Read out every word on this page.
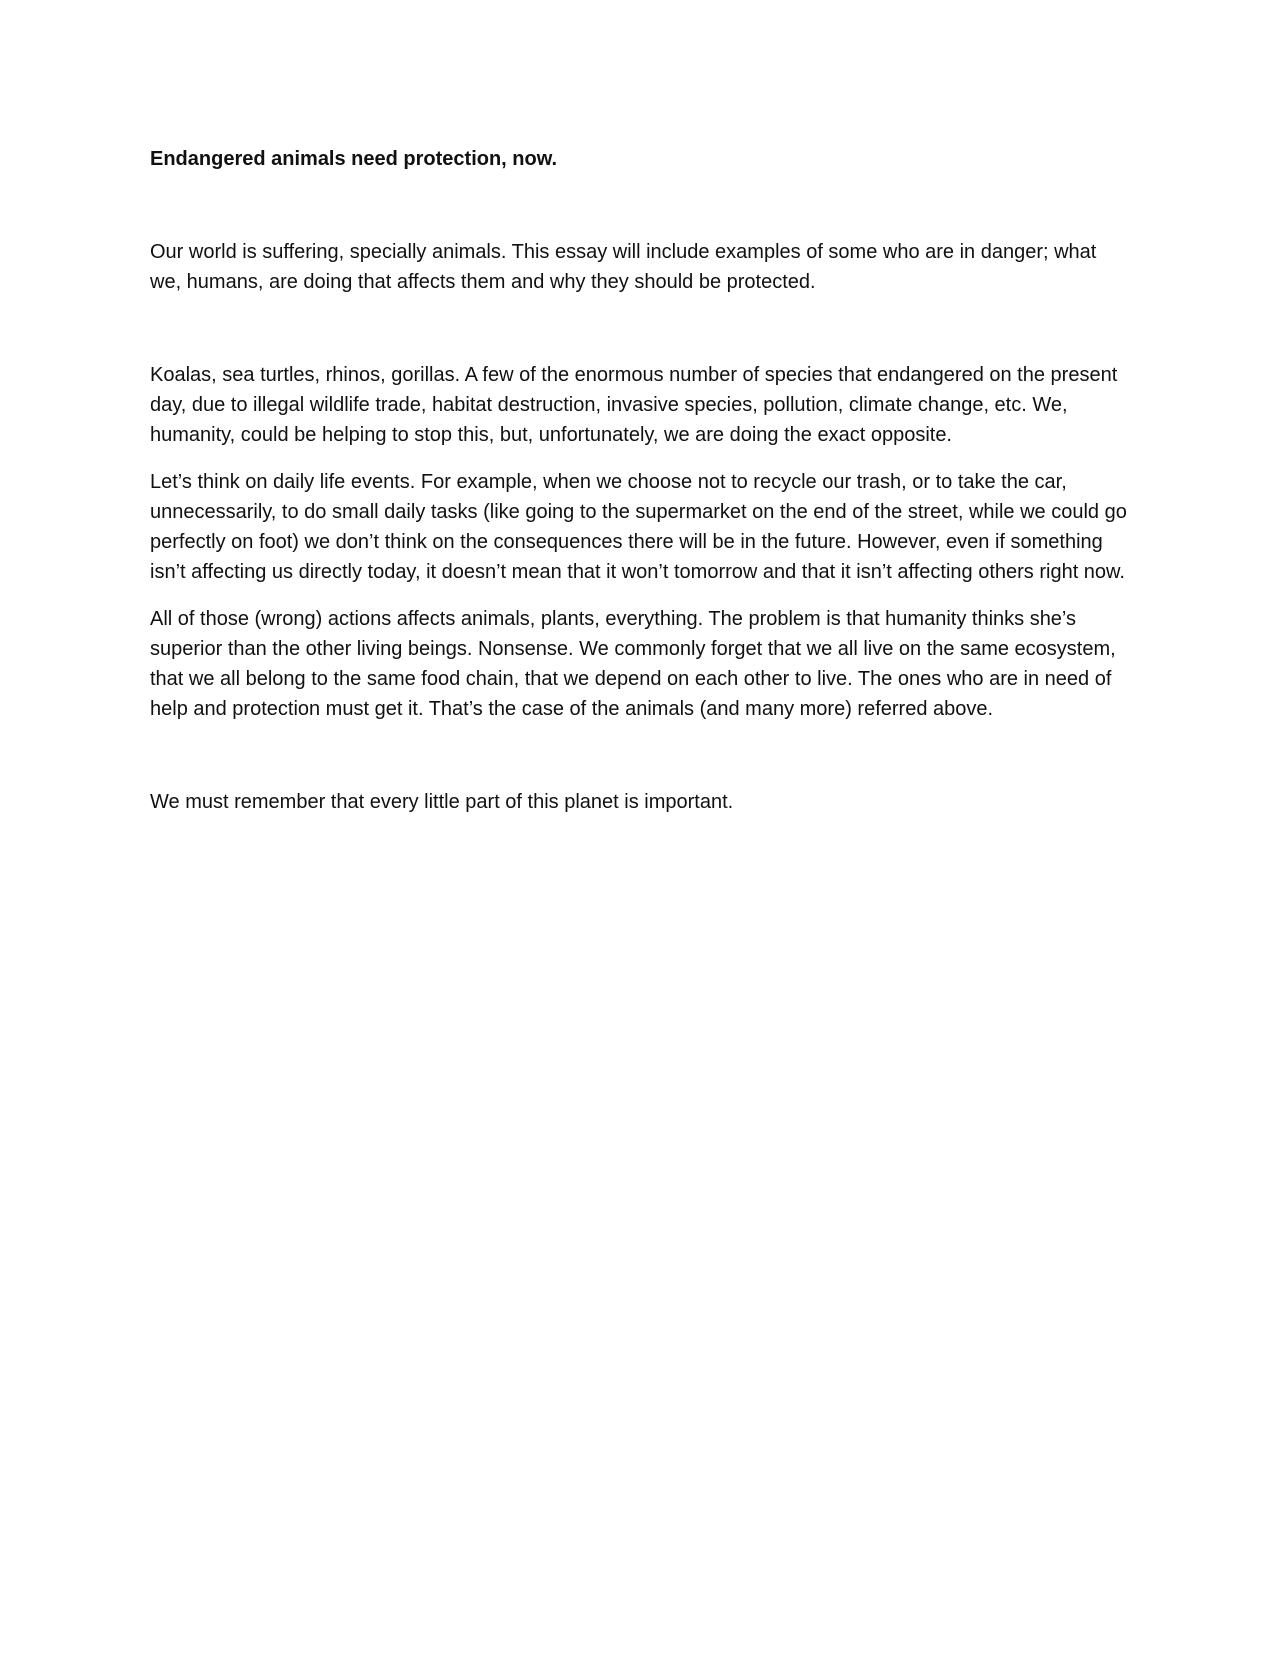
Endangered animals need protection, now.

Our world is suffering, specially animals. This essay will include examples of some who are in danger; what we, humans, are doing that affects them and why they should be protected.

Koalas, sea turtles, rhinos, gorillas. A few of the enormous number of species that endangered on the present day, due to illegal wildlife trade, habitat destruction, invasive species, pollution, climate change, etc. We, humanity, could be helping to stop this, but, unfortunately, we are doing the exact opposite.

Let’s think on daily life events. For example, when we choose not to recycle our trash, or to take the car, unnecessarily, to do small daily tasks (like going to the supermarket on the end of the street, while we could go perfectly on foot) we don’t think on the consequences there will be in the future. However, even if something isn’t affecting us directly today, it doesn’t mean that it won’t tomorrow and that it isn’t affecting others right now.

All of those (wrong) actions affects animals, plants, everything. The problem is that humanity thinks she’s superior than the other living beings. Nonsense. We commonly forget that we all live on the same ecosystem, that we all belong to the same food chain, that we depend on each other to live. The ones who are in need of help and protection must get it. That’s the case of the animals (and many more) referred above.

We must remember that every little part of this planet is important.
